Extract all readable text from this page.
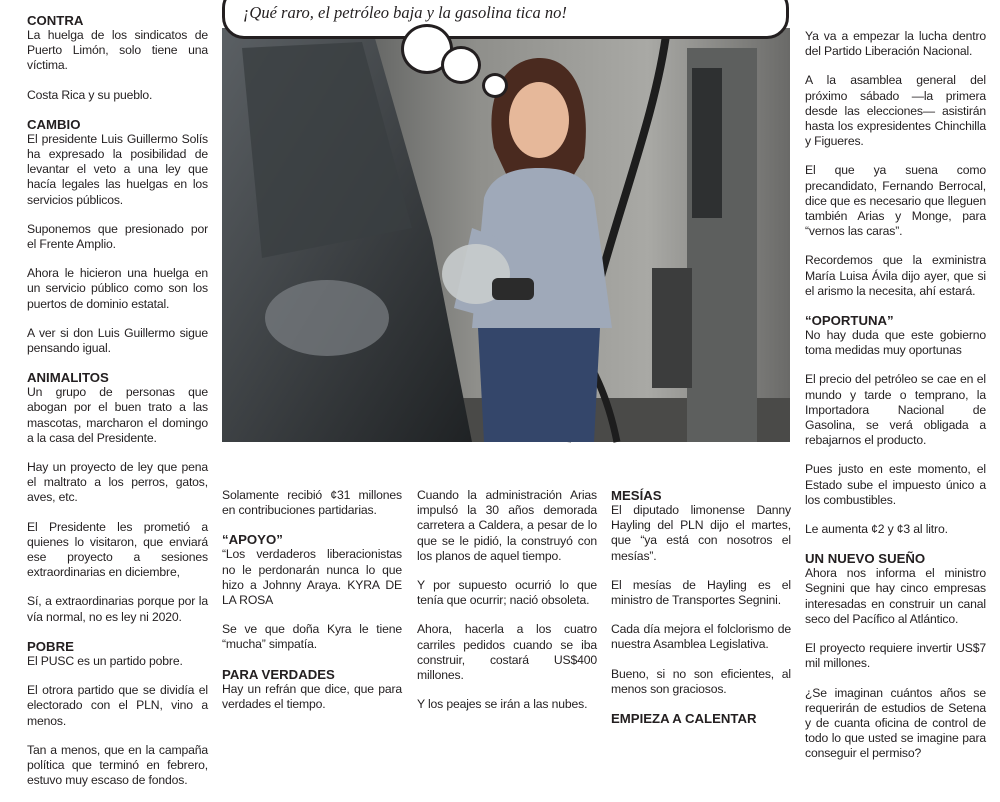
CONTRA

La huelga de los sindicatos de Puerto Limón, solo tiene una víctima.

Costa Rica y su pueblo.

CAMBIO

El presidente Luis Guillermo Solís ha expresado la posibilidad de levantar el veto a una ley que hacía legales las huelgas en los servicios públicos.

Suponemos que presionado por el Frente Amplio.

Ahora le hicieron una huelga en un servicio público como son los puertos de dominio estatal.

A ver si don Luis Guillermo sigue pensando igual.

ANIMALITOS

Un grupo de personas que abogan por el buen trato a las mascotas, marcharon el domingo a la casa del Presidente.

Hay un proyecto de ley que pena el maltrato a los perros, gatos, aves, etc.

El Presidente les prometió a quienes lo visitaron, que enviará ese proyecto a sesiones extraordinarias en diciembre,

Sí, a extraordinarias porque por la vía normal, no es ley ni 2020.

POBRE

El PUSC es un partido pobre.

El otrora partido que se dividía el electorado con el PLN, vino a menos.

Tan a menos, que en la campaña política que terminó en febrero, estuvo muy escaso de fondos.

¡Qué raro, el petróleo baja y la gasolina tica no!

Solamente recibió ¢31 millones en contribuciones partidarias.

“APOYO”

“Los verdaderos liberacionistas no le perdonarán nunca lo que hizo a Johnny Araya. KYRA DE LA ROSA

Se ve que doña Kyra le tiene “mucha” simpatía.

PARA VERDADES

Hay un refrán que dice, que para verdades el tiempo.

Cuando la administración Arias impulsó la 30 años demorada carretera a Caldera, a pesar de lo que se le pidió, la construyó con los planos de aquel tiempo.

Y por supuesto ocurrió lo que tenía que ocurrir; nació obsoleta.

Ahora, hacerla a los cuatro carriles pedidos cuando se iba construir, costará US$400 millones.

Y los peajes se irán a las nubes.

MESÍAS

El diputado limonense Danny Hayling del PLN dijo el martes, que “ya está con nosotros el mesías”.

El mesías de Hayling es el ministro de Transportes Segnini.

Cada día mejora el folclorismo de nuestra Asamblea Legislativa.

Bueno, si no son eficientes, al menos son graciosos.

EMPIEZA A CALENTAR

Ya va a empezar la lucha dentro del Partido Liberación Nacional.

A la asamblea general del próximo sábado —la primera desde las elecciones— asistirán hasta los expresidentes Chinchilla y Figueres.

El que ya suena como precandidato, Fernando Berrocal, dice que es necesario que lleguen también Arias y Monge, para “vernos las caras”.

Recordemos que la exministra María Luisa Ávila dijo ayer, que si el arismo la necesita, ahí estará.

“OPORTUNA”

No hay duda que este gobierno toma medidas muy oportunas

El precio del petróleo se cae en el mundo y tarde o temprano, la Importadora Nacional de Gasolina, se verá obligada a rebajarnos el producto.

Pues justo en este momento, el Estado sube el impuesto único a los combustibles.

Le aumenta ¢2 y ¢3 al litro.

UN NUEVO SUEÑO

Ahora nos informa el ministro Segnini que hay cinco empresas interesadas en construir un canal seco del Pacífico al Atlántico.

El proyecto requiere invertir US$7 mil millones.

¿Se imaginan cuántos años se requerirán de estudios de Setena y de cuanta oficina de control de todo lo que usted se imagine para conseguir el permiso?
